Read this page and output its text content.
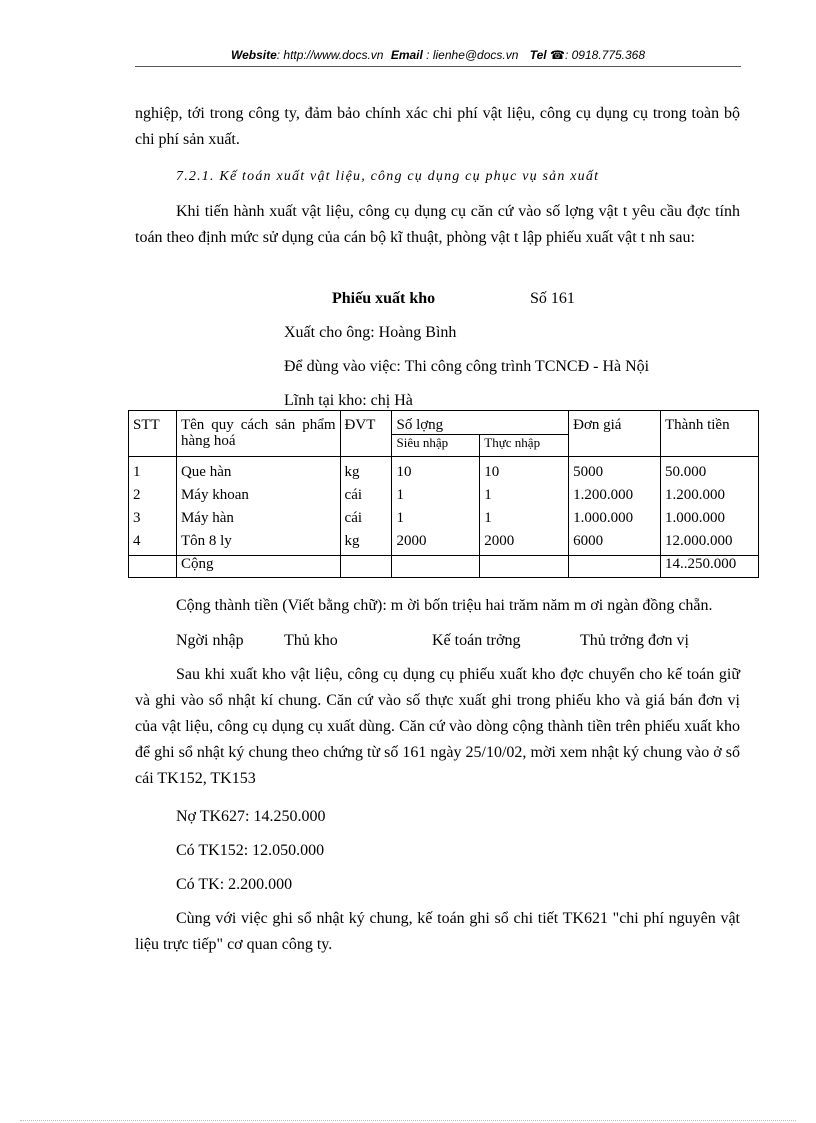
Website: http://www.docs.vn Email : lienhe@docs.vn Tel ☎: 0918.775.368
nghiệp, tới trong công ty, đảm bảo chính xác chi phí vật liệu, công cụ dụng cụ trong toàn bộ chi phí sản xuất.
7.2.1. Kế toán xuất vật liệu, công cụ dụng cụ phục vụ sản xuất
Khi tiến hành xuất vật liệu, công cụ dụng cụ căn cứ vào số lợng vật t yêu cầu đợc tính toán theo định mức sử dụng của cán bộ kĩ thuật, phòng vật t lập phiếu xuất vật t nh sau:
Phiếu xuất kho	Số 161
Xuất cho ông: Hoàng Bình
Để dùng vào việc: Thi công công trình TCNCĐ - Hà Nội
Lĩnh tại kho: chị Hà
STT	Tên quy cách sản phẩm hàng hoá	ĐVT	Số lợng		Đơn giá	Thành tiền
			Siêu nhập	Thực nhập		
1	Que hàn	kg	10	10	5000	50.000
2	Máy khoan	cái	1	1	1.200.000	1.200.000
3	Máy hàn	cái	1	1	1.000.000	1.000.000
4	Tôn 8 ly	kg	2000	2000	6000	12.000.000
	Cộng					14..250.000
Cộng thành tiền (Viết bằng chữ): m ời bốn triệu hai trăm năm m ơi ngàn đồng chẵn.
Ngời nhập	Thủ kho	Kế toán trởng	Thủ trởng đơn vị
Sau khi xuất kho vật liệu, công cụ dụng cụ phiếu xuất kho đợc chuyển cho kế toán giữ và ghi vào sổ nhật kí chung. Căn cứ vào số thực xuất ghi trong phiếu kho và giá bán đơn vị của vật liệu, công cụ dụng cụ xuất dùng. Căn cứ vào dòng cộng thành tiền trên phiếu xuất kho để ghi sổ nhật ký chung theo chứng từ số 161 ngày 25/10/02, mời xem nhật ký chung vào ở sổ cái TK152, TK153
Nợ TK627: 14.250.000
Có TK152: 12.050.000
Có TK: 2.200.000
Cùng với việc ghi sổ nhật ký chung, kế toán ghi sổ chi tiết TK621 "chi phí nguyên vật liệu trực tiếp" cơ quan công ty.
